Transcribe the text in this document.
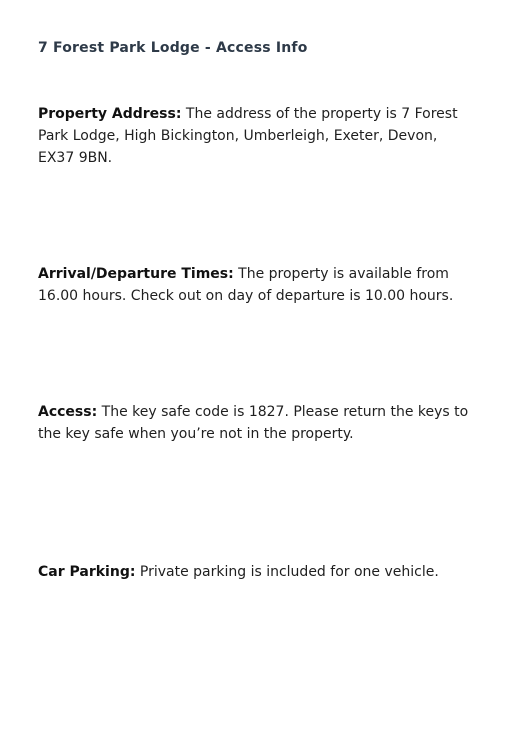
7 Forest Park Lodge - Access Info

Property Address: The address of the property is 7 Forest Park Lodge, High Bickington, Umberleigh, Exeter, Devon, EX37 9BN.

Arrival/Departure Times: The property is available from 16.00 hours. Check out on day of departure is 10.00 hours.

Access: The key safe code is 1827. Please return the keys to the key safe when you’re not in the property.

Car Parking: Private parking is included for one vehicle.
